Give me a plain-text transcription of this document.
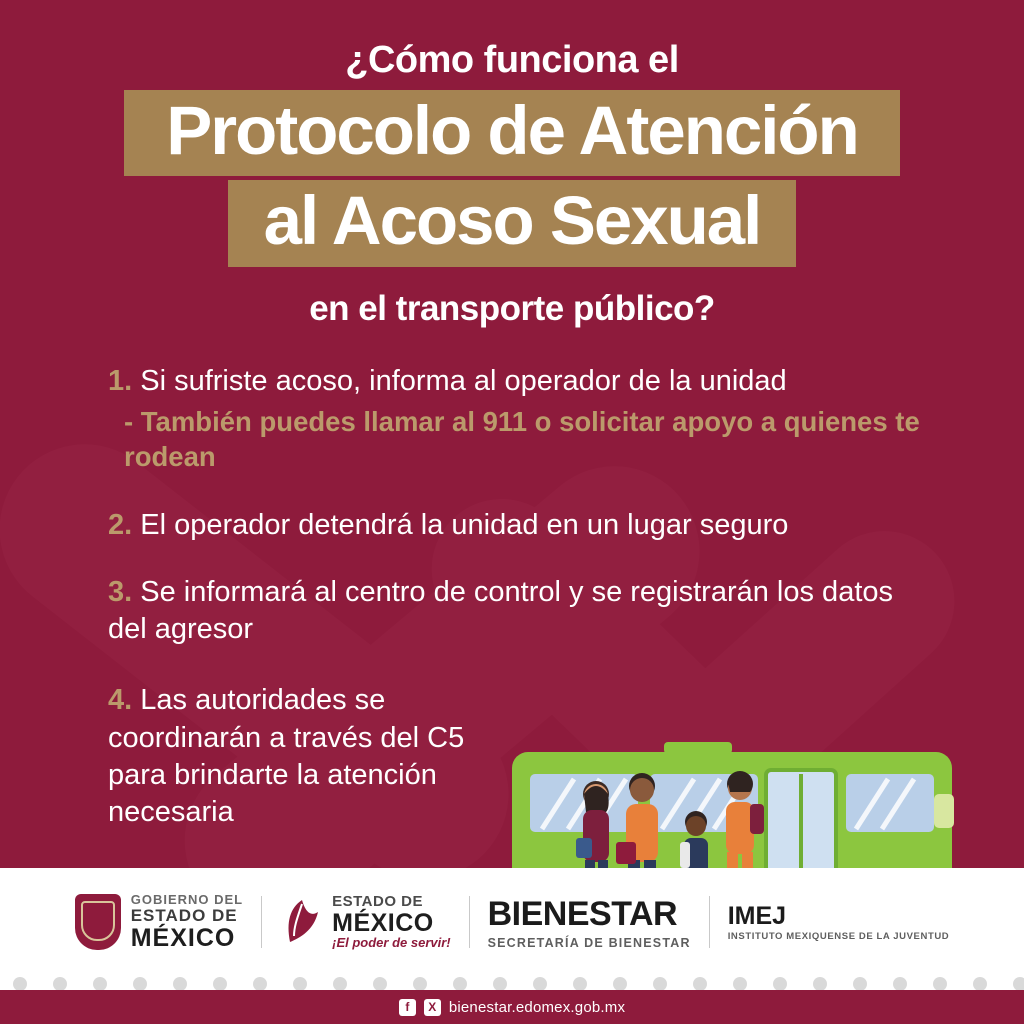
¿Cómo funciona el
Protocolo de Atención al Acoso Sexual
en el transporte público?
1. Si sufriste acoso, informa al operador de la unidad
- También puedes llamar al 911 o solicitar apoyo a quienes te rodean
2. El operador detendrá la unidad en un lugar seguro
3. Se informará al centro de control y se registrarán los datos del agresor
4. Las autoridades se coordinarán a través del C5 para brindarte la atención necesaria
GOBIERNO DEL
ESTADO DE
MÉXICO
ESTADO DE
MÉXICO
¡El poder de servir!
BIENESTAR
SECRETARÍA DE BIENESTAR
IMEJ
INSTITUTO MEXIQUENSE DE LA JUVENTUD
f	X bienestar.edomex.gob.mx
